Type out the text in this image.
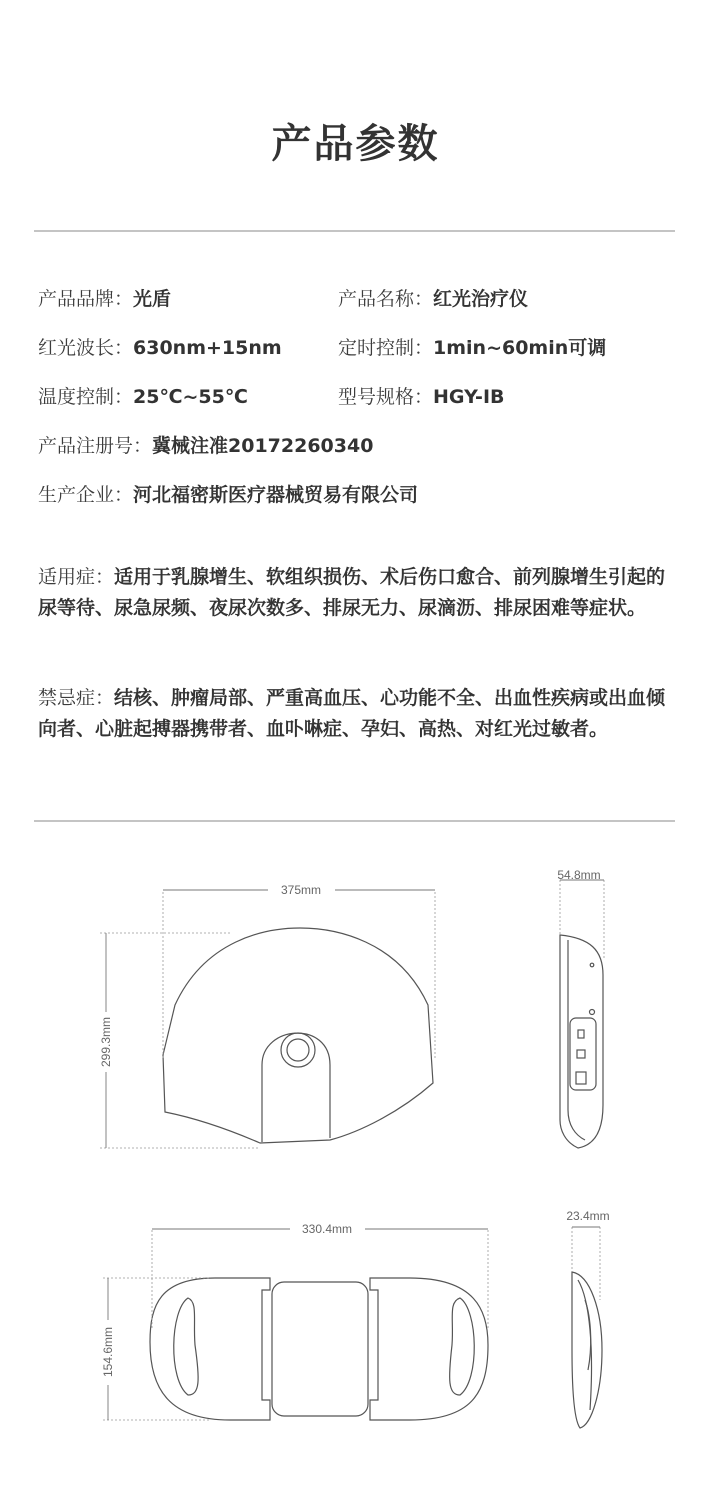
产品参数
产品品牌：光盾	产品名称：红光治疗仪
红光波长：630nm+15nm	定时控制：1min~60min可调
温度控制：25℃~55℃	型号规格：HGY-IB
产品注册号：冀械注准20172260340
生产企业：河北福密斯医疗器械贸易有限公司
适用症：适用于乳腺增生、软组织损伤、术后伤口愈合、前列腺增生引起的尿等待、尿急尿频、夜尿次数多、排尿无力、尿滴沥、排尿困难等症状。
禁忌症：结核、肿瘤局部、严重高血压、心功能不全、出血性疾病或出血倾向者、心脏起搏器携带者、血卟啉症、孕妇、高热、对红光过敏者。
375mm
299.3mm
54.8mm
330.4mm
154.6mm
23.4mm
